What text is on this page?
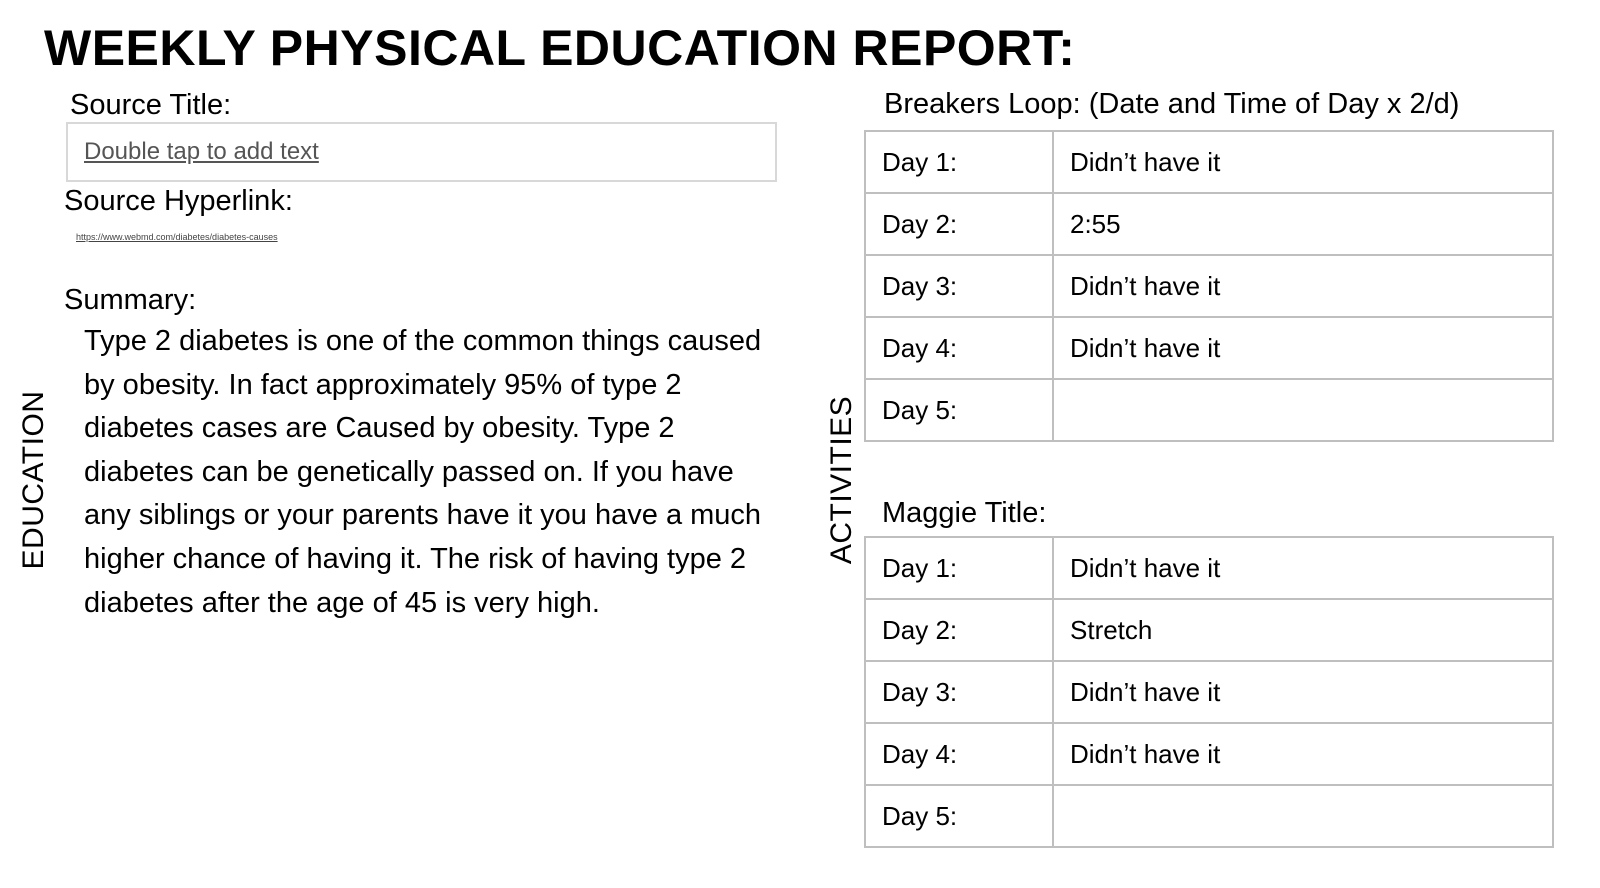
WEEKLY PHYSICAL EDUCATION REPORT:
EDUCATION
Source Title:
Double tap to add text
Source Hyperlink:
https://www.webmd.com/diabetes/diabetes-causes
Summary:

Type 2 diabetes is one of the common things caused by obesity. In fact approximately 95% of type 2 diabetes cases are Caused by obesity. Type 2 diabetes can be genetically passed on. If you have any siblings or your parents have it you have a much higher chance of having it. The risk of having type 2 diabetes after the age of 45 is very high.

ACTIVITIES
Breakers Loop: (Date and Time of Day x 2/d)
Day 1:	Didn’t have it
Day 2:	2:55
Day 3:	Didn’t have it
Day 4:	Didn’t have it
Day 5:	
Maggie Title:
Day 1:	Didn’t have it
Day 2:	Stretch
Day 3:	Didn’t have it
Day 4:	Didn’t have it
Day 5:	
